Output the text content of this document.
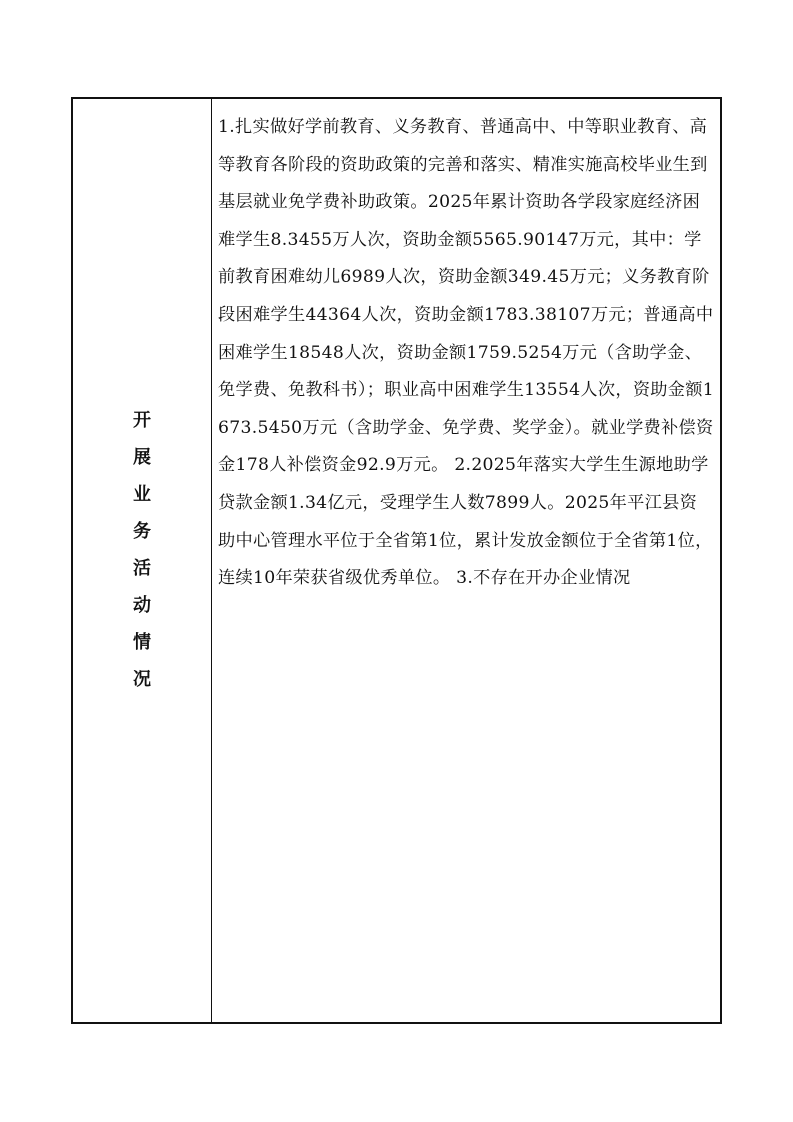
开
展
业
务
活
动
情
况

1.扎实做好学前教育、义务教育、普通高中、中等职业教育、高等教育各阶段的资助政策的完善和落实、精准实施高校毕业生到基层就业免学费补助政策。2025年累计资助各学段家庭经济困难学生8.3455万人次，资助金额5565.90147万元，其中：学前教育困难幼儿6989人次，资助金额349.45万元；义务教育阶段困难学生44364人次，资助金额1783.38107万元；普通高中困难学生18548人次，资助金额1759.5254万元（含助学金、免学费、免教科书）；职业高中困难学生13554人次，资助金额1673.5450万元（含助学金、免学费、奖学金）。就业学费补偿资金178人补偿资金92.9万元。 2.2025年落实大学生生源地助学贷款金额1.34亿元，受理学生人数7899人。2025年平江县资助中心管理水平位于全省第1位，累计发放金额位于全省第1位，连续10年荣获省级优秀单位。 3.不存在开办企业情况
